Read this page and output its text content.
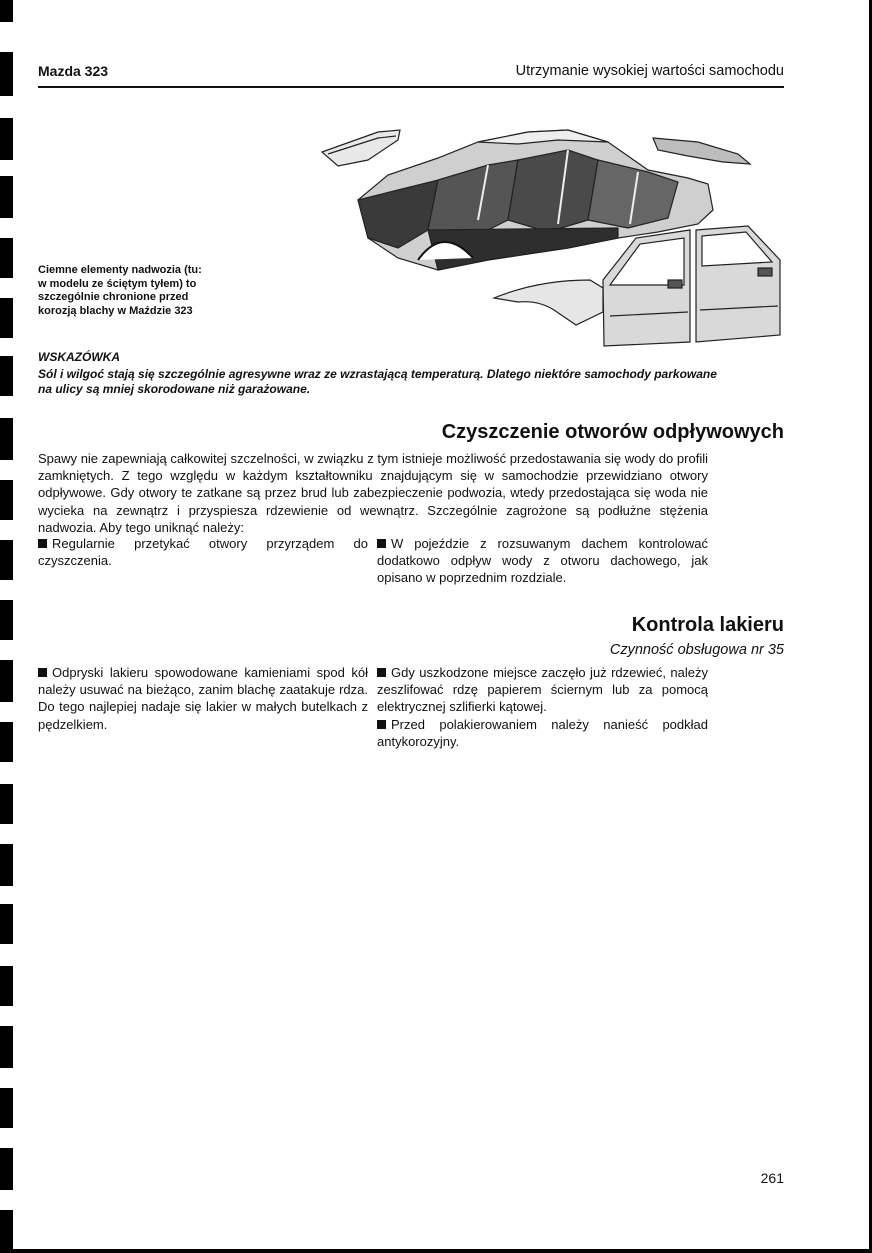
Mazda 323	Utrzymanie wysokiej wartości samochodu
Ciemne elementy nadwozia (tu: w modelu ze ściętym tyłem) to szczególnie chronione przed korozją blachy w Maździe 323
WSKAZÓWKA
Sól i wilgoć stają się szczególnie agresywne wraz ze wzrastającą temperaturą. Dlatego niektóre samochody parkowane na ulicy są mniej skorodowane niż garażowane.
Czyszczenie otworów odpływowych
Spawy nie zapewniają całkowitej szczelności, w związku z tym istnieje możliwość przedostawania się wody do profili zamkniętych. Z tego względu w każdym kształtowniku znajdującym się w samochodzie przewidziano otwory odpływowe. Gdy otwory te zatkane są przez brud lub zabezpieczenie podwozia, wtedy przedostająca się woda nie wycieka na zewnątrz i przyspiesza rdzewienie od wewnątrz. Szczególnie zagrożone są podłużne stężenia nadwozia. Aby tego uniknąć należy:

Regularnie przetykać otwory przyrządem do czyszczenia.

W pojeździe z rozsuwanym dachem kontrolować dodatkowo odpływ wody z otworu dachowego, jak opisano w poprzednim rozdziale.

Kontrola lakieru
Czynność obsługowa nr 35

Odpryski lakieru spowodowane kamieniami spod kół należy usuwać na bieżąco, zanim blachę zaatakuje rdza. Do tego najlepiej nadaje się lakier w małych butelkach z pędzelkiem.

Gdy uszkodzone miejsce zaczęło już rdzewieć, należy zeszlifować rdzę papierem ściernym lub za pomocą elektrycznej szlifierki kątowej.

Przed polakierowaniem należy nanieść podkład antykorozyjny.

261
